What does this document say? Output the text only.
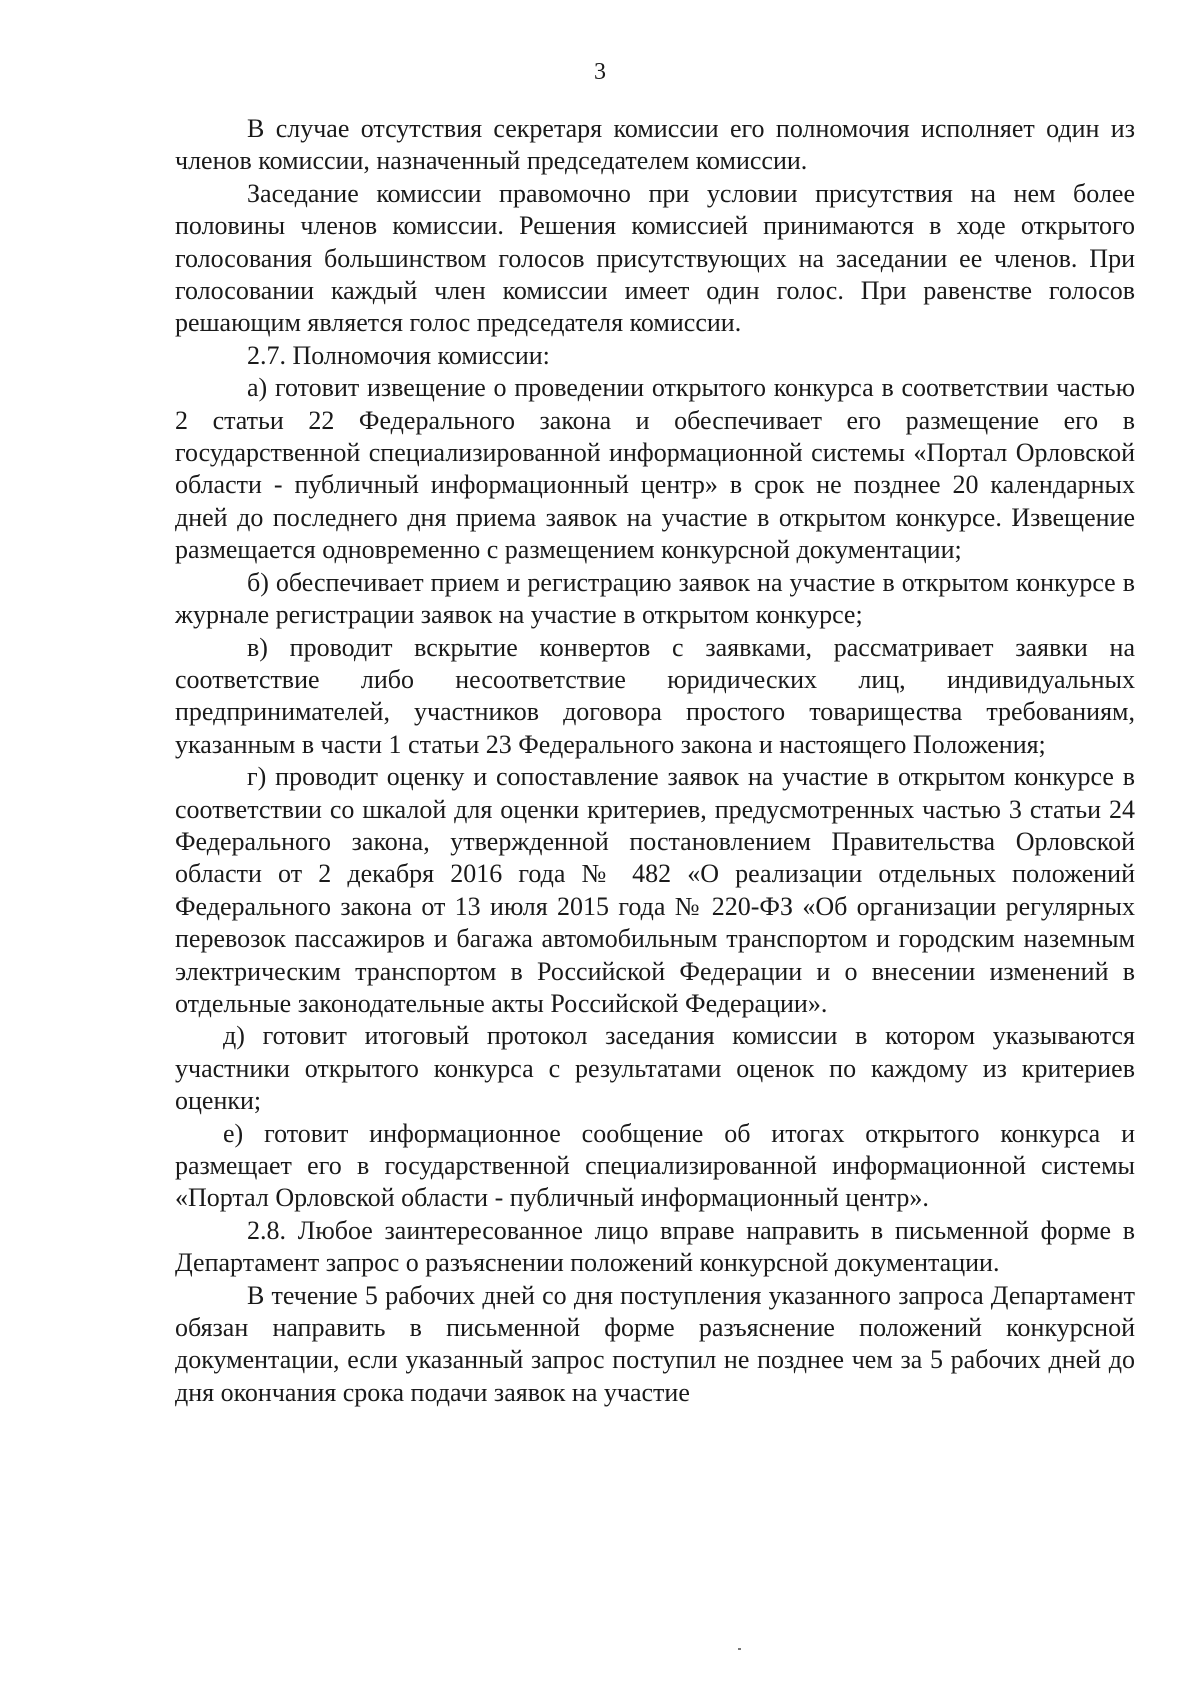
3

В случае отсутствия секретаря комиссии его полномочия исполняет один из членов комиссии, назначенный председателем комиссии.

Заседание комиссии правомочно при условии присутствия на нем более половины членов комиссии. Решения комиссией принимаются в ходе открытого голосования большинством голосов присутствующих на заседании ее членов. При голосовании каждый член комиссии имеет один голос. При равенстве голосов решающим является голос председателя комиссии.

2.7. Полномочия комиссии:

а) готовит извещение о проведении открытого конкурса в соответствии частью 2 статьи 22 Федерального закона и обеспечивает его размещение его в государственной специализированной информационной системы «Портал Орловской области - публичный информационный центр» в срок не позднее 20 календарных дней до последнего дня приема заявок на участие в открытом конкурсе. Извещение размещается одновременно с размещением конкурсной документации;

б) обеспечивает прием и регистрацию заявок на участие в открытом конкурсе в журнале регистрации заявок на участие в открытом конкурсе;

в) проводит вскрытие конвертов с заявками, рассматривает заявки на соответствие либо несоответствие юридических лиц, индивидуальных предпринимателей, участников договора простого товарищества требованиям, указанным в части 1 статьи 23 Федерального закона и настоящего Положения;

г) проводит оценку и сопоставление заявок на участие в открытом конкурсе в соответствии со шкалой для оценки критериев, предусмотренных частью 3 статьи 24 Федерального закона, утвержденной постановлением Правительства Орловской области от 2 декабря 2016 года № 482 «О реализации отдельных положений Федерального закона от 13 июля 2015 года № 220-ФЗ «Об организации регулярных перевозок пассажиров и багажа автомобильным транспортом и городским наземным электрическим транспортом в Российской Федерации и о внесении изменений в отдельные законодательные акты Российской Федерации».

д) готовит итоговый протокол заседания комиссии в котором указываются участники открытого конкурса с результатами оценок по каждому из критериев оценки;

е) готовит информационное сообщение об итогах открытого конкурса и размещает его в государственной специализированной информационной системы «Портал Орловской области - публичный информационный центр».

2.8. Любое заинтересованное лицо вправе направить в письменной форме в Департамент запрос о разъяснении положений конкурсной документации.

В течение 5 рабочих дней со дня поступления указанного запроса Департамент обязан направить в письменной форме разъяснение положений конкурсной документации, если указанный запрос поступил не позднее чем за 5 рабочих дней до дня окончания срока подачи заявок на участие
